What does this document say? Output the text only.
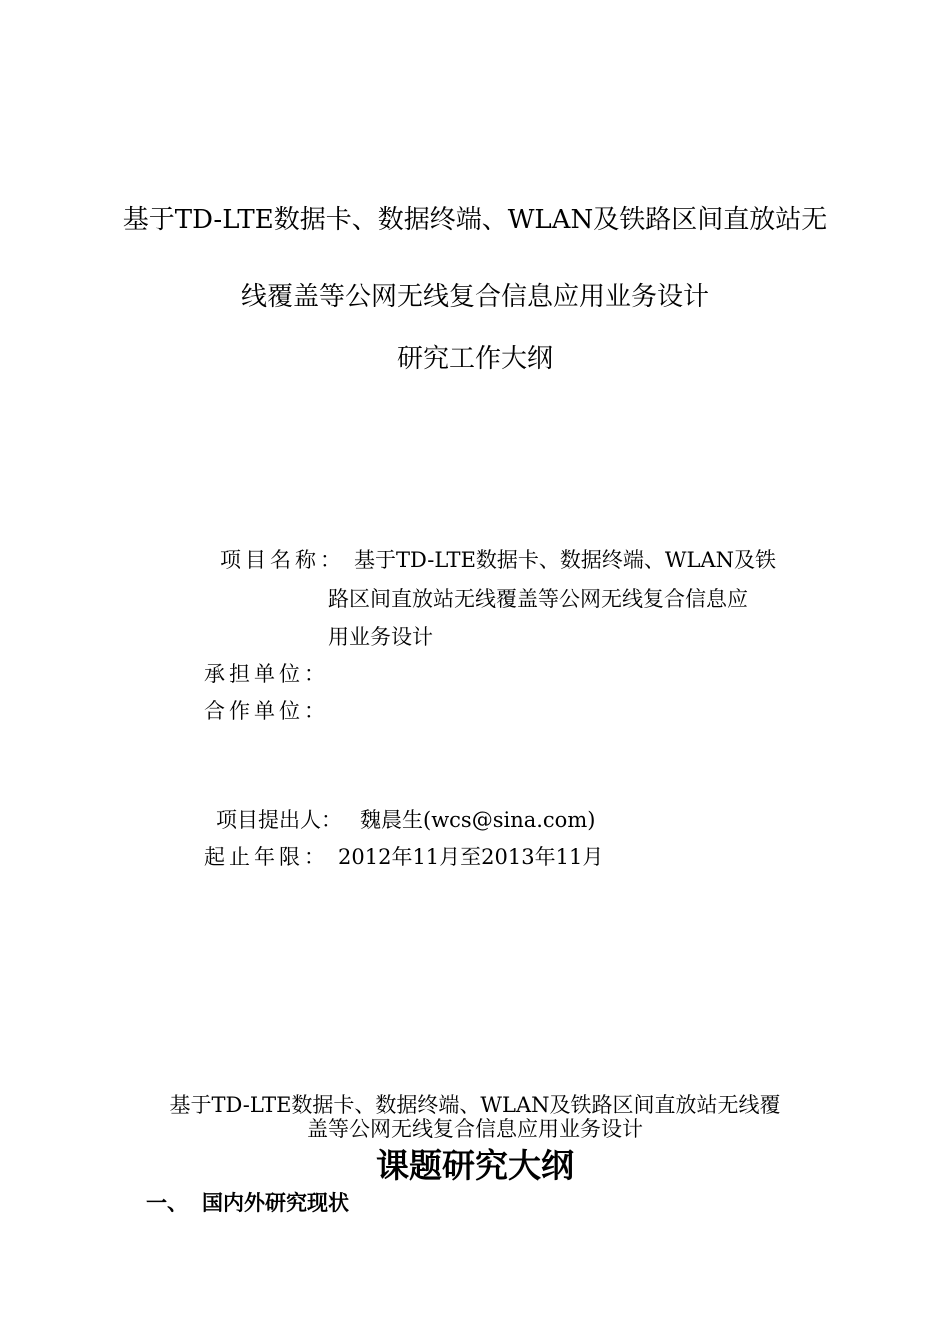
基于TD-LTE数据卡、数据终端、WLAN及铁路区间直放站无
线覆盖等公网无线复合信息应用业务设计
研究工作大纲
项目名称： 基于TD-LTE数据卡、数据终端、WLAN及铁
路区间直放站无线覆盖等公网无线复合信息应
用业务设计
承担单位：
合作单位：
项目提出人： 魏晨生(wcs@sina.com)
起止年限： 2012年11月至2013年11月
基于TD-LTE数据卡、数据终端、WLAN及铁路区间直放站无线覆
盖等公网无线复合信息应用业务设计
课题研究大纲
一、 国内外研究现状
